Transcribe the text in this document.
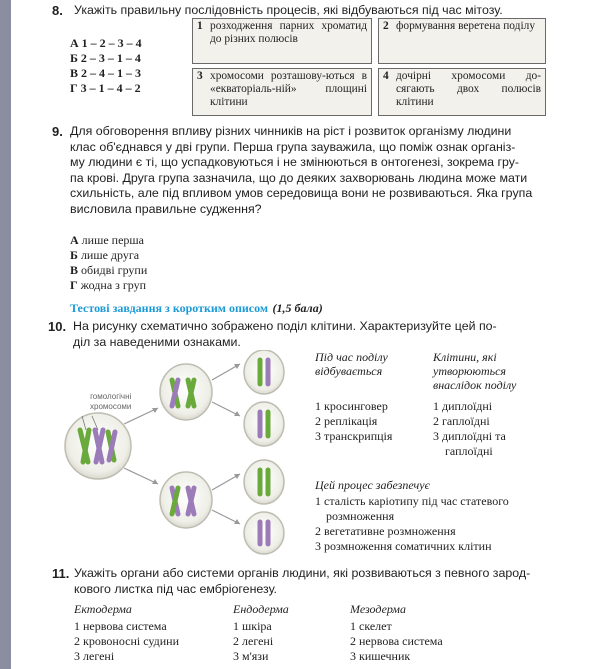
8. Укажіть правильну послідовність процесів, які відбуваються під час мітозу.
А 1 – 2 – 3 – 4
Б 2 – 3 – 1 – 4
В 2 – 4 – 1 – 3
Г 3 – 1 – 4 – 2
1 розходження парних хроматид до різних полюсів
2 формування веретена поділу
3 хромосоми розташову-ються в «екваторіаль-ній» площині клітини
4 дочірні хромосоми до-сягають двох полюсів клітини
9. Для обговорення впливу різних чинників на ріст і розвиток організму людини
клас об'єднався у дві групи. Перша група зауважила, що поміж ознак організ-
му людини є ті, що успадковуються і не змінюються в онтогенезі, зокрема гру-
па крові. Друга група зазначила, що до деяких захворювань людина може мати
схильність, але під впливом умов середовища вони не розвиваються. Яка група
висловила правильне судження?
А лише перша
Б лише друга
В обидві групи
Г жодна з груп
Тестові завдання з коротким описом (1,5 бала)
10. На рисунку схематично зображено поділ клітини. Характеризуйте цей по-
діл за наведеними ознаками.
гомологічні
хромосоми
Під час поділу
відбувається
1 кросинговер
2 реплікація
3 транскрипція
Клітини, які
утворюються
внаслідок поділу
1 диплоїдні
2 гаплоїдні
3 диплоїдні та
гаплоїдні
Цей процес забезпечує
1 сталість каріотипу під час статевого
розмноження
2 вегетативне розмноження
3 розмноження соматичних клітин
11. Укажіть органи або системи органів людини, які розвиваються з певного зарод-
кового листка під час ембріогенезу.
Ектодерма
1 нервова система
2 кровоносні судини
3 легені
Ендодерма
1 шкіра
2 легені
3 м'язи
Мезодерма
1 скелет
2 нервова система
3 кишечник
